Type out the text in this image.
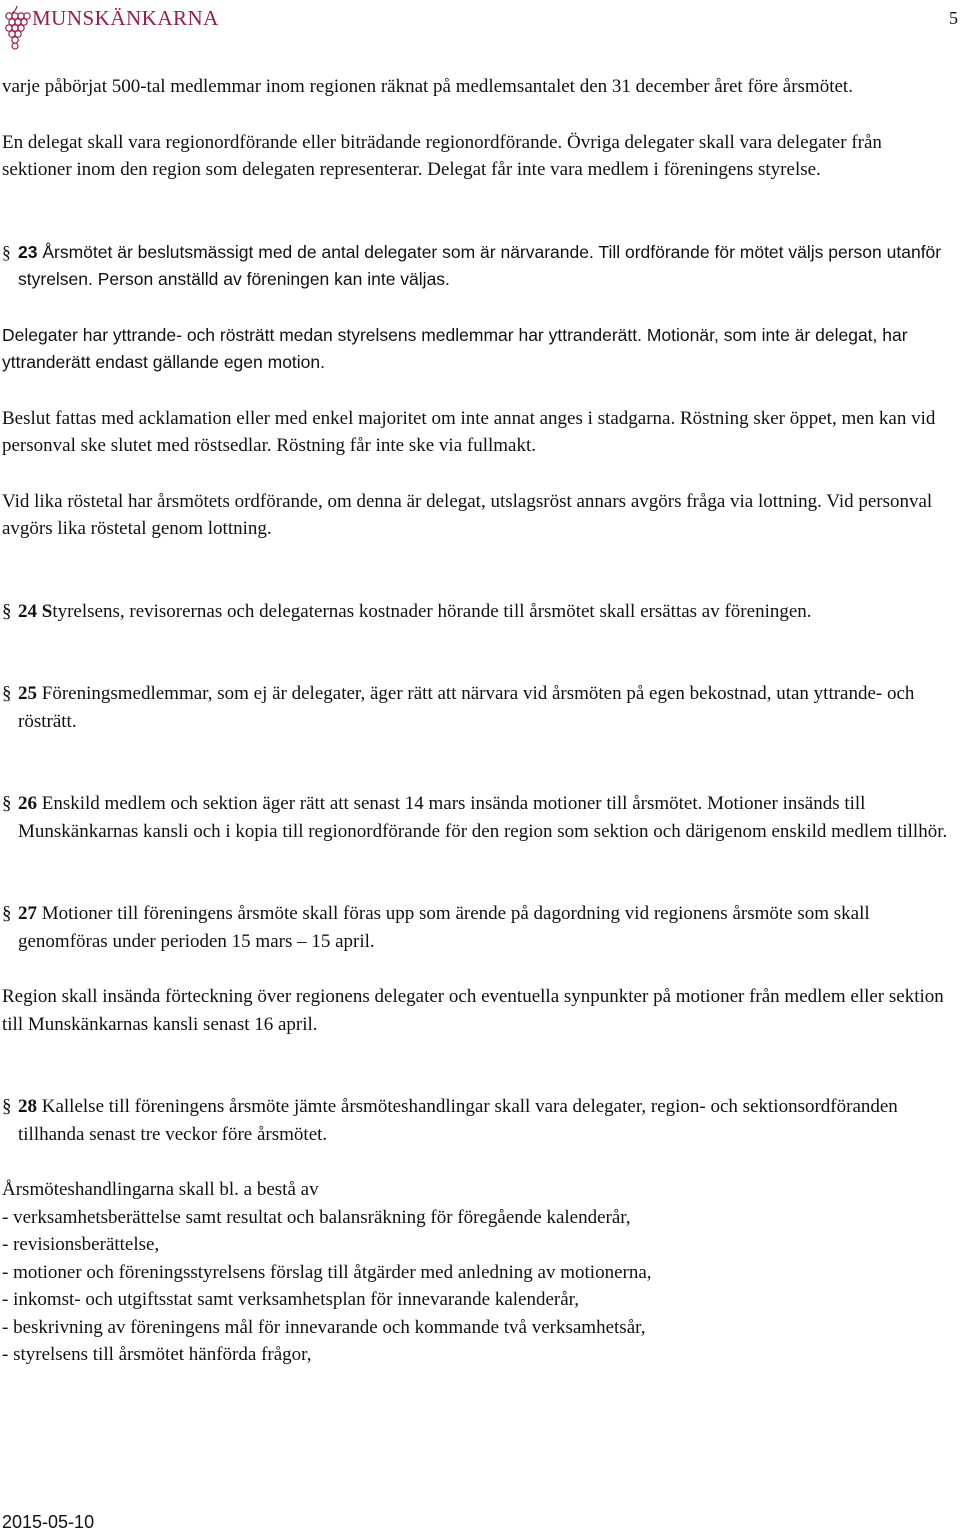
MUNSKÄNKARNA	5

varje påbörjat 500-tal medlemmar inom regionen räknat på medlemsantalet den 31 december året före årsmötet.

En delegat skall vara regionordförande eller biträdande regionordförande. Övriga delegater skall vara delegater från sektioner inom den region som delegaten representerar. Delegat får inte vara medlem i föreningens styrelse.

§ 23 Årsmötet är beslutsmässigt med de antal delegater som är närvarande. Till ordförande för mötet väljs person utanför styrelsen. Person anställd av föreningen kan inte väljas.

Delegater har yttrande- och rösträtt medan styrelsens medlemmar har yttranderätt. Motionär, som inte är delegat, har yttranderätt endast gällande egen motion.

Beslut fattas med acklamation eller med enkel majoritet om inte annat anges i stadgarna. Röstning sker öppet, men kan vid personval ske slutet med röstsedlar. Röstning får inte ske via fullmakt.

Vid lika röstetal har årsmötets ordförande, om denna är delegat, utslagsröst annars avgörs fråga via lottning. Vid personval avgörs lika röstetal genom lottning.

§ 24 Styrelsens, revisorernas och delegaternas kostnader hörande till årsmötet skall ersättas av föreningen.

§ 25 Föreningsmedlemmar, som ej är delegater, äger rätt att närvara vid årsmöten på egen bekostnad, utan yttrande- och rösträtt.

§ 26 Enskild medlem och sektion äger rätt att senast 14 mars insända motioner till årsmötet. Motioner insänds till Munskänkarnas kansli och i kopia till regionordförande för den region som sektion och därigenom enskild medlem tillhör.

§ 27 Motioner till föreningens årsmöte skall föras upp som ärende på dagordning vid regionens årsmöte som skall genomföras under perioden 15 mars – 15 april.

Region skall insända förteckning över regionens delegater och eventuella synpunkter på motioner från medlem eller sektion till Munskänkarnas kansli senast 16 april.

§ 28 Kallelse till föreningens årsmöte jämte årsmöteshandlingar skall vara delegater, region- och sektionsordföranden tillhanda senast tre veckor före årsmötet.

Årsmöteshandlingarna skall bl. a bestå av

- verksamhetsberättelse samt resultat och balansräkning för föregående kalenderår,
- revisionsberättelse,
- motioner och föreningsstyrelsens förslag till åtgärder med anledning av motionerna,
- inkomst- och utgiftsstat samt verksamhetsplan för innevarande kalenderår,
- beskrivning av föreningens mål för innevarande och kommande två verksamhetsår,
- styrelsens till årsmötet hänförda frågor,
2015-05-10
